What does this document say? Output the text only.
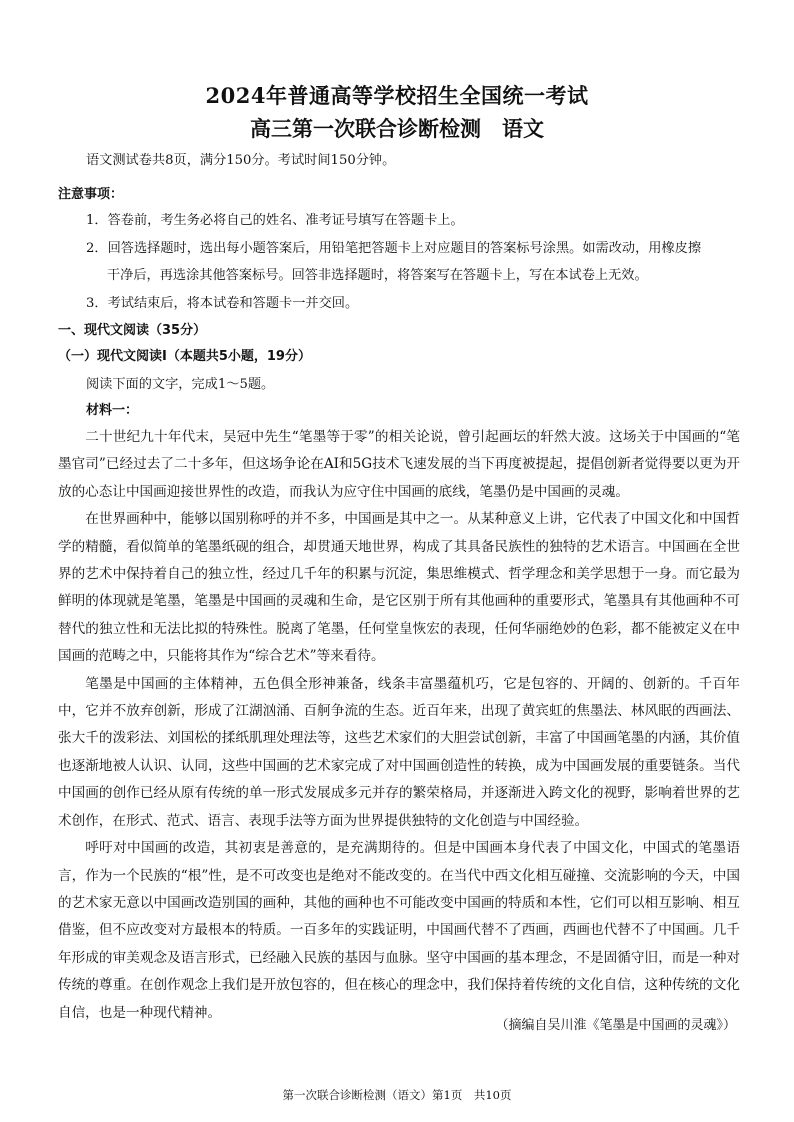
2024年普通高等学校招生全国统一考试
高三第一次联合诊断检测　语文
语文测试卷共8页，满分150分。考试时间150分钟。
注意事项：
1．答卷前，考生务必将自己的姓名、准考证号填写在答题卡上。
2．回答选择题时，选出每小题答案后，用铅笔把答题卡上对应题目的答案标号涂黑。如需改动，用橡皮擦
干净后，再选涂其他答案标号。回答非选择题时，将答案写在答题卡上，写在本试卷上无效。
3．考试结束后，将本试卷和答题卡一并交回。
一、现代文阅读（35分）
（一）现代文阅读Ⅰ（本题共5小题，19分）
阅读下面的文字，完成1～5题。
材料一：

二十世纪九十年代末，吴冠中先生“笔墨等于零”的相关论说，曾引起画坛的轩然大波。这场关于中国画的“笔墨官司”已经过去了二十多年，但这场争论在AI和5G技术飞速发展的当下再度被提起，提倡创新者觉得要以更为开放的心态让中国画迎接世界性的改造，而我认为应守住中国画的底线，笔墨仍是中国画的灵魂。

在世界画种中，能够以国别称呼的并不多，中国画是其中之一。从某种意义上讲，它代表了中国文化和中国哲学的精髓，看似简单的笔墨纸砚的组合，却贯通天地世界，构成了其具备民族性的独特的艺术语言。中国画在全世界的艺术中保持着自己的独立性，经过几千年的积累与沉淀，集思维模式、哲学理念和美学思想于一身。而它最为鲜明的体现就是笔墨，笔墨是中国画的灵魂和生命，是它区别于所有其他画种的重要形式，笔墨具有其他画种不可替代的独立性和无法比拟的特殊性。脱离了笔墨，任何堂皇恢宏的表现，任何华丽绝妙的色彩，都不能被定义在中国画的范畴之中，只能将其作为“综合艺术”等来看待。

笔墨是中国画的主体精神，五色俱全形神兼备，线条丰富墨蕴机巧，它是包容的、开阔的、创新的。千百年中，它并不放弃创新，形成了江湖汹涌、百舸争流的生态。近百年来，出现了黄宾虹的焦墨法、林风眠的西画法、张大千的泼彩法、刘国松的揉纸肌理处理法等，这些艺术家们的大胆尝试创新，丰富了中国画笔墨的内涵，其价值也逐渐地被人认识、认同，这些中国画的艺术家完成了对中国画创造性的转换，成为中国画发展的重要链条。当代中国画的创作已经从原有传统的单一形式发展成多元并存的繁荣格局，并逐渐进入跨文化的视野，影响着世界的艺术创作，在形式、范式、语言、表现手法等方面为世界提供独特的文化创造与中国经验。

呼吁对中国画的改造，其初衷是善意的，是充满期待的。但是中国画本身代表了中国文化，中国式的笔墨语言，作为一个民族的“根”性，是不可改变也是绝对不能改变的。在当代中西文化相互碰撞、交流影响的今天，中国的艺术家无意以中国画改造别国的画种，其他的画种也不可能改变中国画的特质和本性，它们可以相互影响、相互借鉴，但不应改变对方最根本的特质。一百多年的实践证明，中国画代替不了西画，西画也代替不了中国画。几千年形成的审美观念及语言形式，已经融入民族的基因与血脉。坚守中国画的基本理念，不是固循守旧，而是一种对传统的尊重。在创作观念上我们是开放包容的，但在核心的理念中，我们保持着传统的文化自信，这种传统的文化自信，也是一种现代精神。

（摘编自吴川淮《笔墨是中国画的灵魂》）
第一次联合诊断检测（语文）第1页　共10页
